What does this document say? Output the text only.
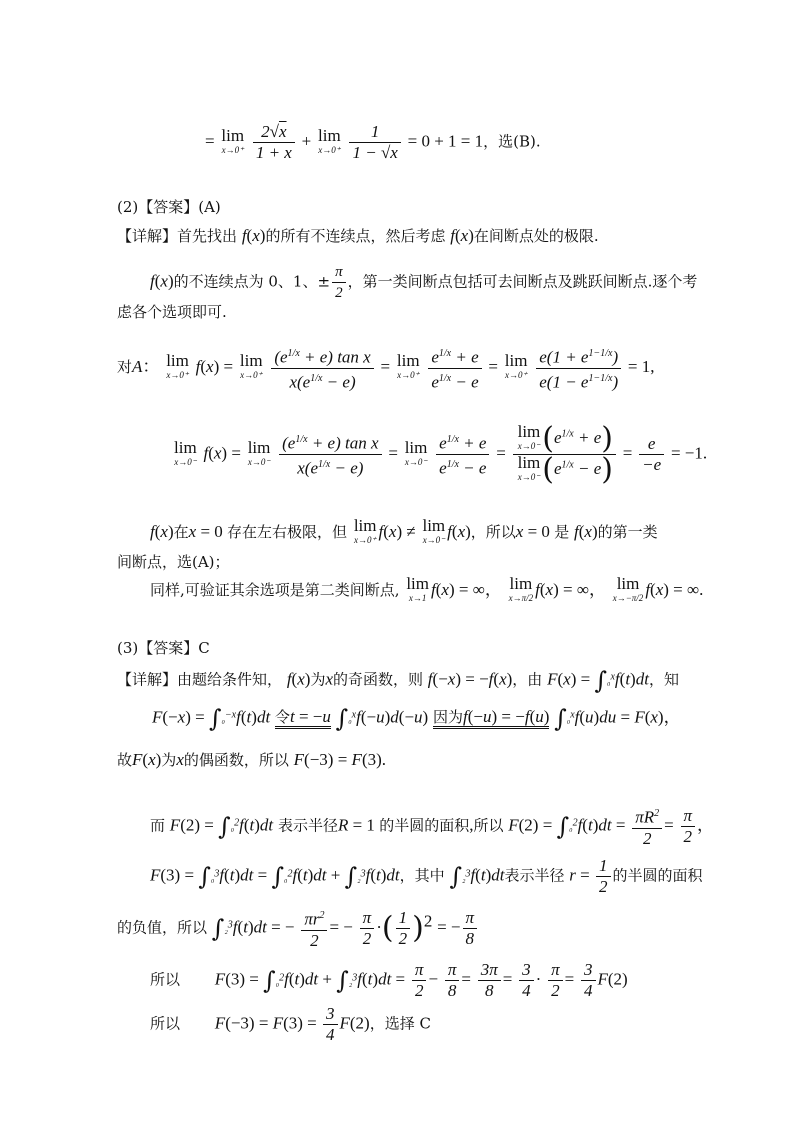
= lim
x→0⁺
$\frac{2√x}{1 + x} + \lim$
x→0⁺
$\frac{1}{1 - √x} = 0 + 1 = 1$，选(B).
(2)【答案】(A)
【详解】首先找出 f(x)的所有不连续点，然后考虑 f(x)在间断点处的极限.
f(x)的不连续点为 0、1、± $\frac{\pi}{2}$ ，第一类间断点包括可去间断点及跳跃间断点.逐个考
虑各个选项即可.
对A： lim
x→0⁺ f(x) = lim
x→0⁺
$\frac{(e^{1/x} + e) \tan x}{x(e^{1/x} - e)} = \lim$
x→0⁺
$\frac{e^{1/x} + e}{e^{1/x} - e} = \lim$
x→0⁺
$\frac{e(1 + e^{1-1/x})}{e(1 - e^{1-1/x})} = 1$,
lim
x→0⁻ f(x) = lim
x→0⁻
$\frac{(e^{1/x} + e) \tan x}{x(e^{1/x} - e)} = \lim$
x→0⁻
$\frac{e^{1/x} + e}{e^{1/x} - e} = \lim$
x→0⁻ $(e^{1/x} + e)$
lim
x→0⁻ $(e^{1/x} - e) = \frac{e}{-e} = -1$.
f(x)在x = 0 存在左右极限，但 lim
x→0⁺ f(x) ≠ lim
x→0⁻ f(x)，所以x = 0 是 f(x)的第一类
间断点，选(A)；
同样,可验证其余选项是第二类间断点, lim
x→1 f(x) = ∞， lim
x→π/2 f(x) = ∞， lim
x→−π/2 f(x) = ∞.
(3)【答案】C
【详解】由题给条件知， f(x)为x的奇函数，则 f(−x) = −f(x)，由 F(x) = ∫₀$^x$f(t)dt，知
F(−x) = ∫₀$^{-x}$f(t)dt 令t = −u ∫₀$^x$f(−u)d(−u) 因为f(−u) = −f(u) ∫₀$^x$f(u)du = F(x)，
故F(x)为x的偶函数，所以 F(−3) = F(3).
而 F(2) = ∫₀$^2$f(t)dt 表示半径R = 1 的半圆的面积,所以 $F(2) = \int_0^2f(t)dt = \frac{\pi R^2}{2} = \frac{\pi}{2}$ ，
F(3) = ∫₀$^3$f(t)dt = ∫₀$^2$f(t)dt + ∫₂$^3$f(t)dt，其中 ∫₂$^3$f(t)dt表示半径 $r = \frac{1}{2}$ 的半圆的面积
的负值，所以 ∫₂$^3$f(t)dt = − $\frac{\pi r^2}{2}$ = − $\frac{\pi}{2}$ ·( $\frac{1}{2} )^2$ = − $\frac{\pi}{8}$
所以 $F(3) = \int_0^2f(t)dt + \int_2^3f(t)dt = \frac{\pi}{2} - \frac{\pi}{8} = \frac{3\pi}{8} = \frac{3}{4} \cdot \frac{\pi}{2} = \frac{3}{4} F(2)$
所以 $F(-3) = F(3) = \frac{3}{4} F(2)$，选择 C
